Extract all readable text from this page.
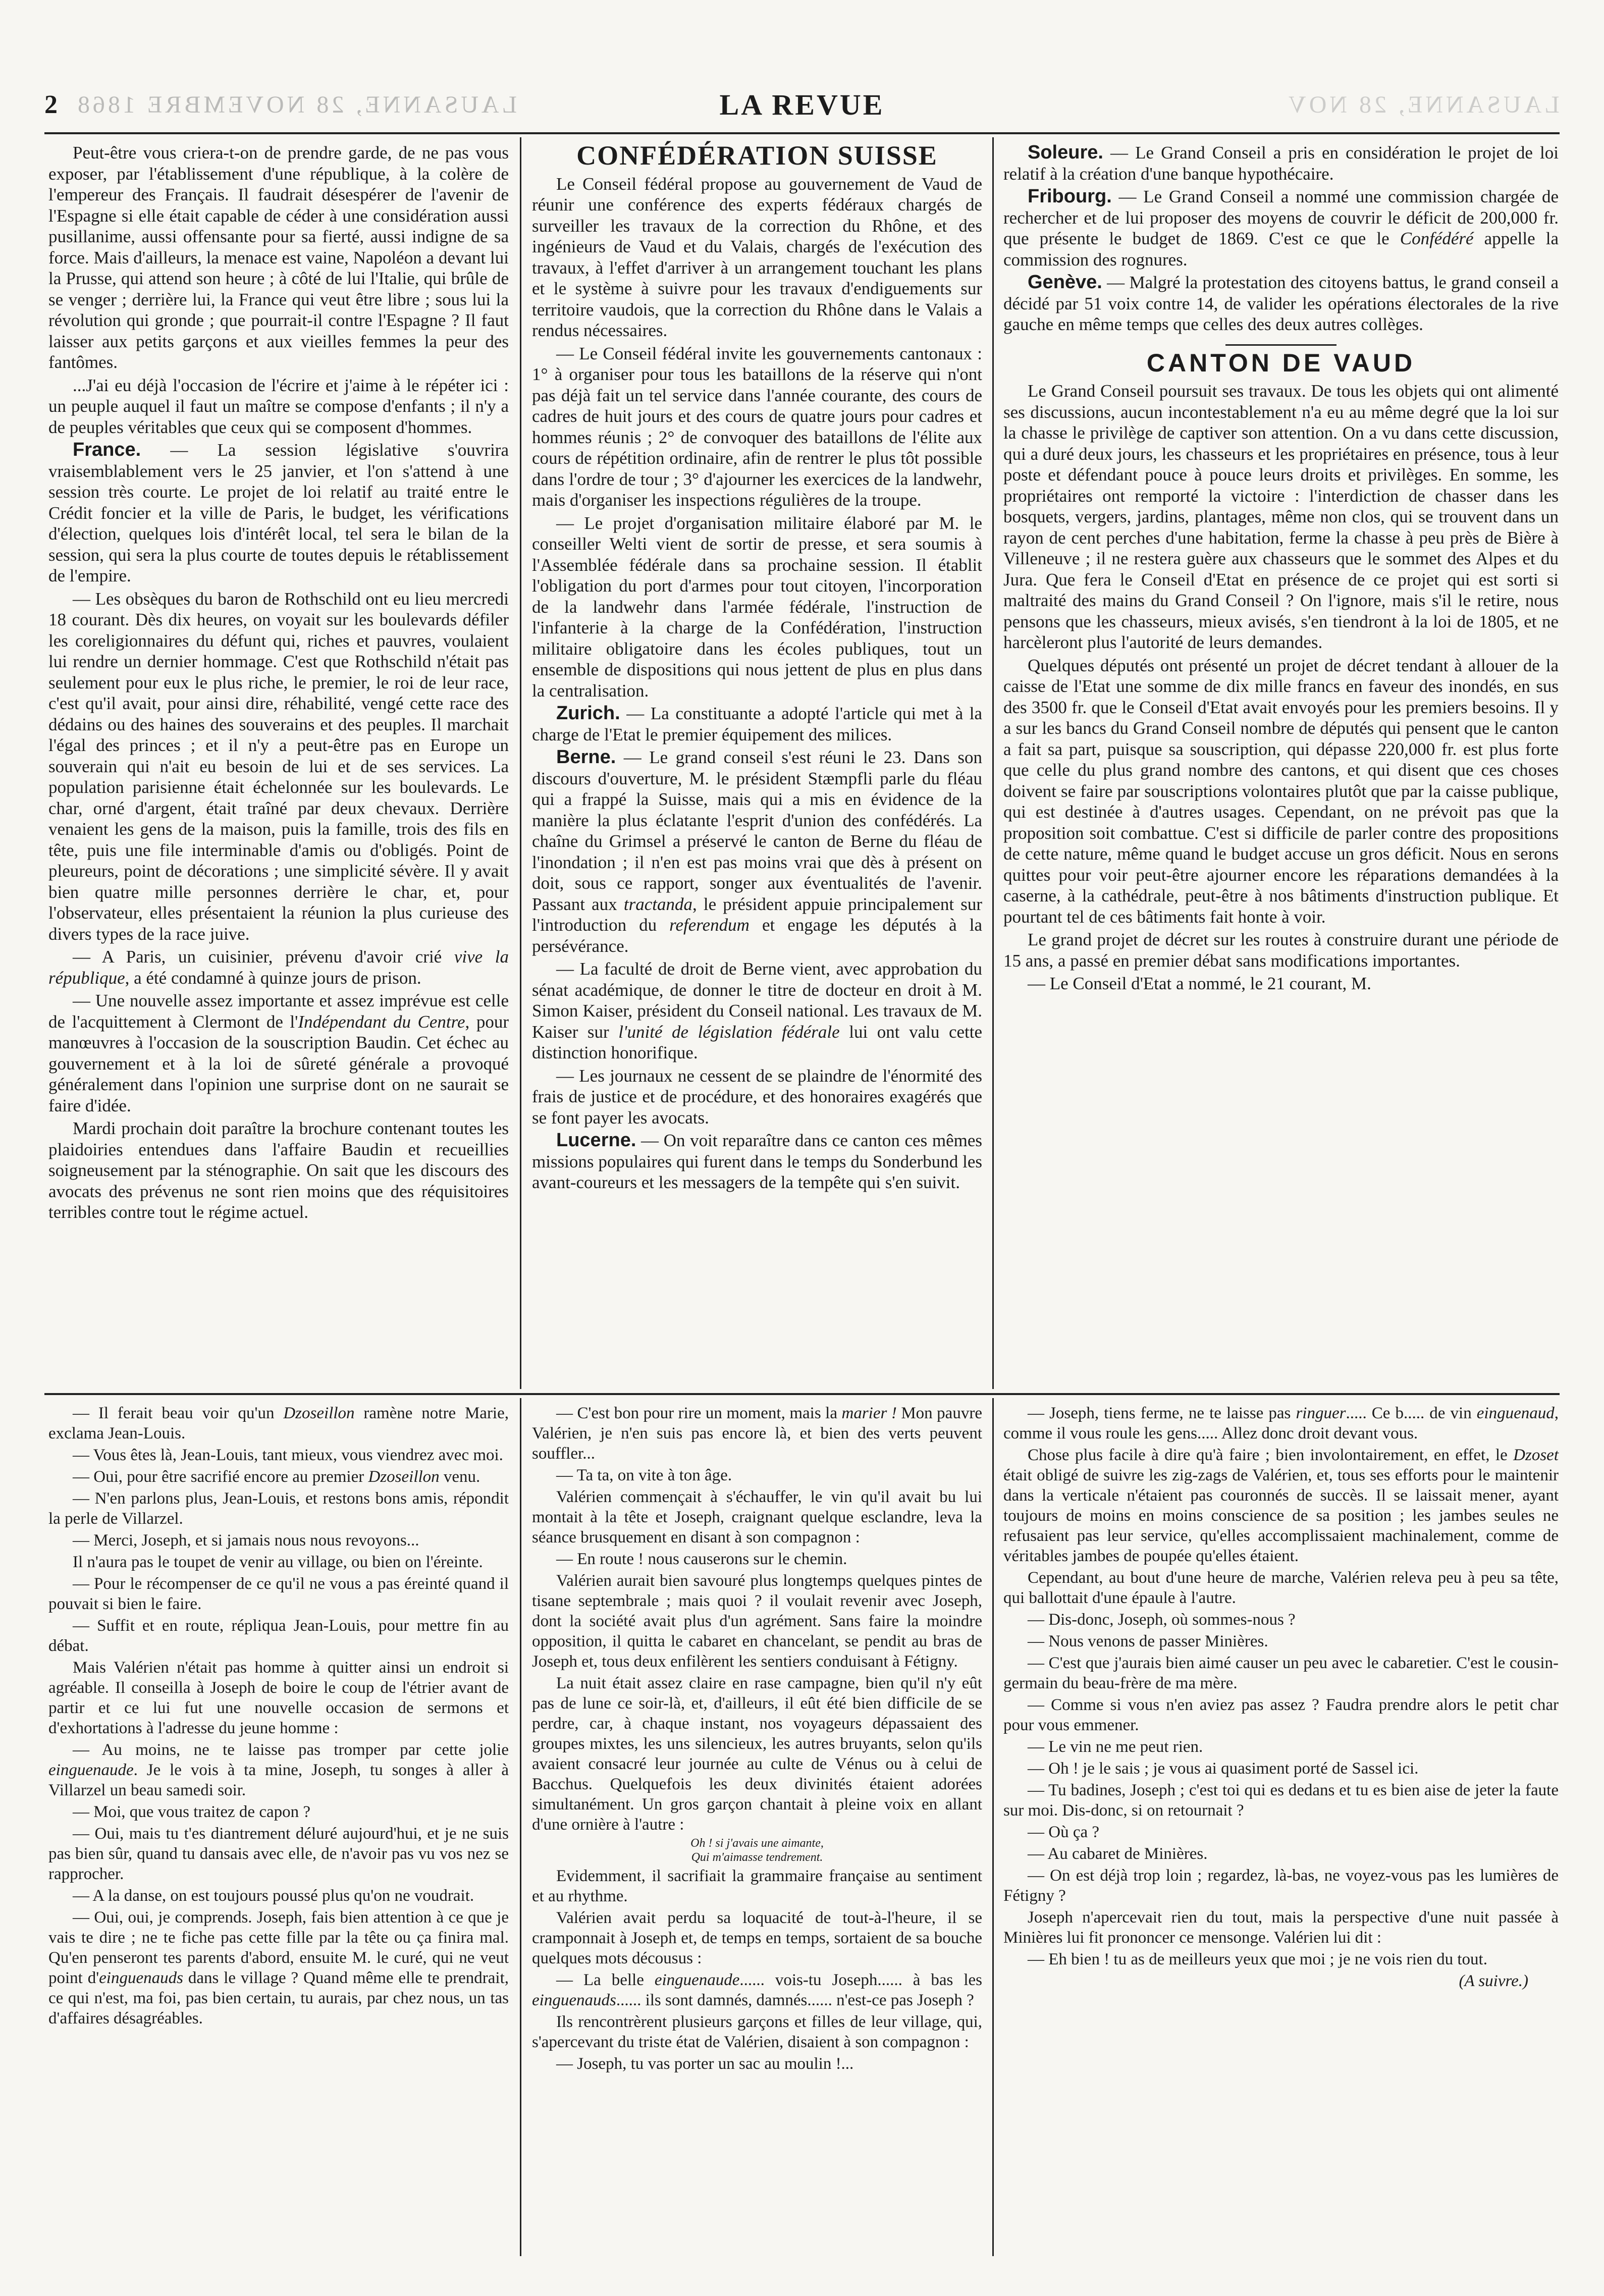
2 LAUSANNE, 28 NOVEMBRE 1868	LA REVUE	LAUSANNE, 28 NOV

Peut-être vous criera-t-on de prendre garde, de ne pas vous exposer, par l'établissement d'une république, à la colère de l'empereur des Français. Il faudrait désespérer de l'avenir de l'Espagne si elle était capable de céder à une considération aussi pusillanime, aussi offensante pour sa fierté, aussi indigne de sa force. Mais d'ailleurs, la menace est vaine, Napoléon a devant lui la Prusse, qui attend son heure ; à côté de lui l'Italie, qui brûle de se venger ; derrière lui, la France qui veut être libre ; sous lui la révolution qui gronde ; que pourrait-il contre l'Espagne ? Il faut laisser aux petits garçons et aux vieilles femmes la peur des fantômes.

...J'ai eu déjà l'occasion de l'écrire et j'aime à le répéter ici : un peuple auquel il faut un maître se compose d'enfants ; il n'y a de peuples véritables que ceux qui se composent d'hommes.

France. — La session législative s'ouvrira vraisemblablement vers le 25 janvier, et l'on s'attend à une session très courte. Le projet de loi relatif au traité entre le Crédit foncier et la ville de Paris, le budget, les vérifications d'élection, quelques lois d'intérêt local, tel sera le bilan de la session, qui sera la plus courte de toutes depuis le rétablissement de l'empire.

— Les obsèques du baron de Rothschild ont eu lieu mercredi 18 courant. Dès dix heures, on voyait sur les boulevards défiler les coreligionnaires du défunt qui, riches et pauvres, voulaient lui rendre un dernier hommage. C'est que Rothschild n'était pas seulement pour eux le plus riche, le premier, le roi de leur race, c'est qu'il avait, pour ainsi dire, réhabilité, vengé cette race des dédains ou des haines des souverains et des peuples. Il marchait l'égal des princes ; et il n'y a peut-être pas en Europe un souverain qui n'ait eu besoin de lui et de ses services. La population parisienne était échelonnée sur les boulevards. Le char, orné d'argent, était traîné par deux chevaux. Derrière venaient les gens de la maison, puis la famille, trois des fils en tête, puis une file interminable d'amis ou d'obligés. Point de pleureurs, point de décorations ; une simplicité sévère. Il y avait bien quatre mille personnes derrière le char, et, pour l'observateur, elles présentaient la réunion la plus curieuse des divers types de la race juive.

— A Paris, un cuisinier, prévenu d'avoir crié vive la république, a été condamné à quinze jours de prison.

— Une nouvelle assez importante et assez imprévue est celle de l'acquittement à Clermont de l'Indépendant du Centre, pour manœuvres à l'occasion de la souscription Baudin. Cet échec au gouvernement et à la loi de sûreté générale a provoqué généralement dans l'opinion une surprise dont on ne saurait se faire d'idée.

Mardi prochain doit paraître la brochure contenant toutes les plaidoiries entendues dans l'affaire Baudin et recueillies soigneusement par la sténographie. On sait que les discours des avocats des prévenus ne sont rien moins que des réquisitoires terribles contre tout le régime actuel.

CONFÉDÉRATION SUISSE

Le Conseil fédéral propose au gouvernement de Vaud de réunir une conférence des experts fédéraux chargés de surveiller les travaux de la correction du Rhône, et des ingénieurs de Vaud et du Valais, chargés de l'exécution des travaux, à l'effet d'arriver à un arrangement touchant les plans et le système à suivre pour les travaux d'endiguements sur territoire vaudois, que la correction du Rhône dans le Valais a rendus nécessaires.

— Le Conseil fédéral invite les gouvernements cantonaux : 1° à organiser pour tous les bataillons de la réserve qui n'ont pas déjà fait un tel service dans l'année courante, des cours de cadres de huit jours et des cours de quatre jours pour cadres et hommes réunis ; 2° de convoquer des bataillons de l'élite aux cours de répétition ordinaire, afin de rentrer le plus tôt possible dans l'ordre de tour ; 3° d'ajourner les exercices de la landwehr, mais d'organiser les inspections régulières de la troupe.

— Le projet d'organisation militaire élaboré par M. le conseiller Welti vient de sortir de presse, et sera soumis à l'Assemblée fédérale dans sa prochaine session. Il établit l'obligation du port d'armes pour tout citoyen, l'incorporation de la landwehr dans l'armée fédérale, l'instruction de l'infanterie à la charge de la Confédération, l'instruction militaire obligatoire dans les écoles publiques, tout un ensemble de dispositions qui nous jettent de plus en plus dans la centralisation.

Zurich. — La constituante a adopté l'article qui met à la charge de l'Etat le premier équipement des milices.

Berne. — Le grand conseil s'est réuni le 23. Dans son discours d'ouverture, M. le président Stæmpfli parle du fléau qui a frappé la Suisse, mais qui a mis en évidence de la manière la plus éclatante l'esprit d'union des confédérés. La chaîne du Grimsel a préservé le canton de Berne du fléau de l'inondation ; il n'en est pas moins vrai que dès à présent on doit, sous ce rapport, songer aux éventualités de l'avenir. Passant aux tractanda, le président appuie principalement sur l'introduction du referendum et engage les députés à la persévérance.

— La faculté de droit de Berne vient, avec approbation du sénat académique, de donner le titre de docteur en droit à M. Simon Kaiser, président du Conseil national. Les travaux de M. Kaiser sur l'unité de législation fédérale lui ont valu cette distinction honorifique.

— Les journaux ne cessent de se plaindre de l'énormité des frais de justice et de procédure, et des honoraires exagérés que se font payer les avocats.

Lucerne. — On voit reparaître dans ce canton ces mêmes missions populaires qui furent dans le temps du Sonderbund les avant-coureurs et les messagers de la tempête qui s'en suivit.

Soleure. — Le Grand Conseil a pris en considération le projet de loi relatif à la création d'une banque hypothécaire.

Fribourg. — Le Grand Conseil a nommé une commission chargée de rechercher et de lui proposer des moyens de couvrir le déficit de 200,000 fr. que présente le budget de 1869. C'est ce que le Confédéré appelle la commission des rognures.

Genève. — Malgré la protestation des citoyens battus, le grand conseil a décidé par 51 voix contre 14, de valider les opérations électorales de la rive gauche en même temps que celles des deux autres collèges.

CANTON DE VAUD

Le Grand Conseil poursuit ses travaux. De tous les objets qui ont alimenté ses discussions, aucun incontestablement n'a eu au même degré que la loi sur la chasse le privilège de captiver son attention. On a vu dans cette discussion, qui a duré deux jours, les chasseurs et les propriétaires en présence, tous à leur poste et défendant pouce à pouce leurs droits et privilèges. En somme, les propriétaires ont remporté la victoire : l'interdiction de chasser dans les bosquets, vergers, jardins, plantages, même non clos, qui se trouvent dans un rayon de cent perches d'une habitation, ferme la chasse à peu près de Bière à Villeneuve ; il ne restera guère aux chasseurs que le sommet des Alpes et du Jura. Que fera le Conseil d'Etat en présence de ce projet qui est sorti si maltraité des mains du Grand Conseil ? On l'ignore, mais s'il le retire, nous pensons que les chasseurs, mieux avisés, s'en tiendront à la loi de 1805, et ne harcèleront plus l'autorité de leurs demandes.

Quelques députés ont présenté un projet de décret tendant à allouer de la caisse de l'Etat une somme de dix mille francs en faveur des inondés, en sus des 3500 fr. que le Conseil d'Etat avait envoyés pour les premiers besoins. Il y a sur les bancs du Grand Conseil nombre de députés qui pensent que le canton a fait sa part, puisque sa souscription, qui dépasse 220,000 fr. est plus forte que celle du plus grand nombre des cantons, et qui disent que ces choses doivent se faire par souscriptions volontaires plutôt que par la caisse publique, qui est destinée à d'autres usages. Cependant, on ne prévoit pas que la proposition soit combattue. C'est si difficile de parler contre des propositions de cette nature, même quand le budget accuse un gros déficit. Nous en serons quittes pour voir peut-être ajourner encore les réparations demandées à la caserne, à la cathédrale, peut-être à nos bâtiments d'instruction publique. Et pourtant tel de ces bâtiments fait honte à voir.

Le grand projet de décret sur les routes à construire durant une période de 15 ans, a passé en premier débat sans modifications importantes.

— Le Conseil d'Etat a nommé, le 21 courant, M.

— Il ferait beau voir qu'un Dzoseillon ramène notre Marie, exclama Jean-Louis.

— Vous êtes là, Jean-Louis, tant mieux, vous viendrez avec moi.

— Oui, pour être sacrifié encore au premier Dzoseillon venu.

— N'en parlons plus, Jean-Louis, et restons bons amis, répondit la perle de Villarzel.

— Merci, Joseph, et si jamais nous nous revoyons...

Il n'aura pas le toupet de venir au village, ou bien on l'éreinte.

— Pour le récompenser de ce qu'il ne vous a pas éreinté quand il pouvait si bien le faire.

— Suffit et en route, répliqua Jean-Louis, pour mettre fin au débat.

Mais Valérien n'était pas homme à quitter ainsi un endroit si agréable. Il conseilla à Joseph de boire le coup de l'étrier avant de partir et ce lui fut une nouvelle occasion de sermons et d'exhortations à l'adresse du jeune homme :

— Au moins, ne te laisse pas tromper par cette jolie einguenaude. Je le vois à ta mine, Joseph, tu songes à aller à Villarzel un beau samedi soir.

— Moi, que vous traitez de capon ?

— Oui, mais tu t'es diantrement déluré aujourd'hui, et je ne suis pas bien sûr, quand tu dansais avec elle, de n'avoir pas vu vos nez se rapprocher.

— A la danse, on est toujours poussé plus qu'on ne voudrait.

— Oui, oui, je comprends. Joseph, fais bien attention à ce que je vais te dire ; ne te fiche pas cette fille par la tête ou ça finira mal. Qu'en penseront tes parents d'abord, ensuite M. le curé, qui ne veut point d'einguenauds dans le village ? Quand même elle te prendrait, ce qui n'est, ma foi, pas bien certain, tu aurais, par chez nous, un tas d'affaires désagréables.

— C'est bon pour rire un moment, mais la marier ! Mon pauvre Valérien, je n'en suis pas encore là, et bien des verts peuvent souffler...

— Ta ta, on vite à ton âge.

Valérien commençait à s'échauffer, le vin qu'il avait bu lui montait à la tête et Joseph, craignant quelque esclandre, leva la séance brusquement en disant à son compagnon :

— En route ! nous causerons sur le chemin.

Valérien aurait bien savouré plus longtemps quelques pintes de tisane septembrale ; mais quoi ? il voulait revenir avec Joseph, dont la société avait plus d'un agrément. Sans faire la moindre opposition, il quitta le cabaret en chancelant, se pendit au bras de Joseph et, tous deux enfilèrent les sentiers conduisant à Fétigny.

La nuit était assez claire en rase campagne, bien qu'il n'y eût pas de lune ce soir-là, et, d'ailleurs, il eût été bien difficile de se perdre, car, à chaque instant, nos voyageurs dépassaient des groupes mixtes, les uns silencieux, les autres bruyants, selon qu'ils avaient consacré leur journée au culte de Vénus ou à celui de Bacchus. Quelquefois les deux divinités étaient adorées simultanément. Un gros garçon chantait à pleine voix en allant d'une ornière à l'autre :

Oh ! si j'avais une aimante,
Qui m'aimasse tendrement.

Evidemment, il sacrifiait la grammaire française au sentiment et au rhythme.

Valérien avait perdu sa loquacité de tout-à-l'heure, il se cramponnait à Joseph et, de temps en temps, sortaient de sa bouche quelques mots décousus :

— La belle einguenaude...... vois-tu Joseph...... à bas les einguenauds...... ils sont damnés, damnés...... n'est-ce pas Joseph ?

Ils rencontrèrent plusieurs garçons et filles de leur village, qui, s'apercevant du triste état de Valérien, disaient à son compagnon :

— Joseph, tu vas porter un sac au moulin !...

— Joseph, tiens ferme, ne te laisse pas ringuer..... Ce b..... de vin einguenaud, comme il vous roule les gens..... Allez donc droit devant vous.

Chose plus facile à dire qu'à faire ; bien involontairement, en effet, le Dzoset était obligé de suivre les zig-zags de Valérien, et, tous ses efforts pour le maintenir dans la verticale n'étaient pas couronnés de succès. Il se laissait mener, ayant toujours de moins en moins conscience de sa position ; les jambes seules ne refusaient pas leur service, qu'elles accomplissaient machinalement, comme de véritables jambes de poupée qu'elles étaient.

Cependant, au bout d'une heure de marche, Valérien releva peu à peu sa tête, qui ballottait d'une épaule à l'autre.

— Dis-donc, Joseph, où sommes-nous ?

— Nous venons de passer Minières.

— C'est que j'aurais bien aimé causer un peu avec le cabaretier. C'est le cousin-germain du beau-frère de ma mère.

— Comme si vous n'en aviez pas assez ? Faudra prendre alors le petit char pour vous emmener.

— Le vin ne me peut rien.

— Oh ! je le sais ; je vous ai quasiment porté de Sassel ici.

— Tu badines, Joseph ; c'est toi qui es dedans et tu es bien aise de jeter la faute sur moi. Dis-donc, si on retournait ?

— Où ça ?

— Au cabaret de Minières.

— On est déjà trop loin ; regardez, là-bas, ne voyez-vous pas les lumières de Fétigny ?

Joseph n'apercevait rien du tout, mais la perspective d'une nuit passée à Minières lui fit prononcer ce mensonge. Valérien lui dit :

— Eh bien ! tu as de meilleurs yeux que moi ; je ne vois rien du tout.

(A suivre.)
